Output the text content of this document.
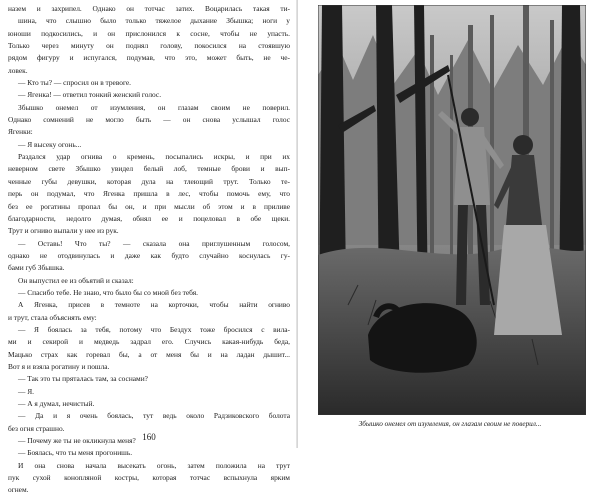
назем и захрипел. Однако он тотчас затих. Воцарилась такая ти-
шина, что слышно было только тяжелое дыхание Збышка; ноги у
юноши подкосились, и он прислонился к сосне, чтобы не упасть.
Только через минуту он поднял голову, покосился на стоявшую
рядом фигуру и испугался, подумав, что это, может быть, не че-
ловек.
— Кто ты? — спросил он в тревоге.
— Ягенка! — ответил тонкий женский голос.
Збышко онемел от изумления, он глазам своим не поверил.
Однако сомнений не могло быть — он снова услышал голос
Ягенки:
— Я высеку огонь...
Раздался удар огнива о кремень, посыпались искры, и при их
неверном свете Збышко увидел белый лоб, темные брови и вып-
ченные губы девушки, которая дула на тлеющий трут. Только те-
перь он подумал, что Ягенка пришла в лес, чтобы помочь ему, что
без ее рогатины пропал бы он, и при мысли об этом и в приливе
благодарности, недолго думая, обнял ее и поцеловал в обе щеки.
Трут и огниво выпали у нее из рук.
— Оставь! Что ты? — сказала она приглушенным голосом,
однако не отодвинулась и даже как будто случайно коснулась гу-
бами губ Збышка.
Он выпустил ее из объятий и сказал:
— Спасибо тебе. Не знаю, что было бы со мной без тебя.
А Ягенка, присев в темноте на корточки, чтобы найти огниво
и трут, стала объяснять ему:
— Я боялась за тебя, потому что Бездух тоже бросился с вила-
ми и секирой и медведь задрал его. Случись какая-нибудь беда,
Мацько страх как горевал бы, а от меня бы и на ладан дышит...
Вот я и взяла рогатину и пошла.
— Так это ты пряталась там, за соснами?
— Я.
— А я думал, нечистый.
— Да и я очень боялась, тут ведь около Радзиковского болота
без огня страшно.
— Почему же ты не окликнула меня?
— Боялась, что ты меня прогонишь.
И она снова начала высекать огонь, затем положила на трут
пук сухой конопляной костры, которая тотчас вспыхнула ярким
огнем.
160
Збышко онемел от изумления, он глазам своим не поверил...
